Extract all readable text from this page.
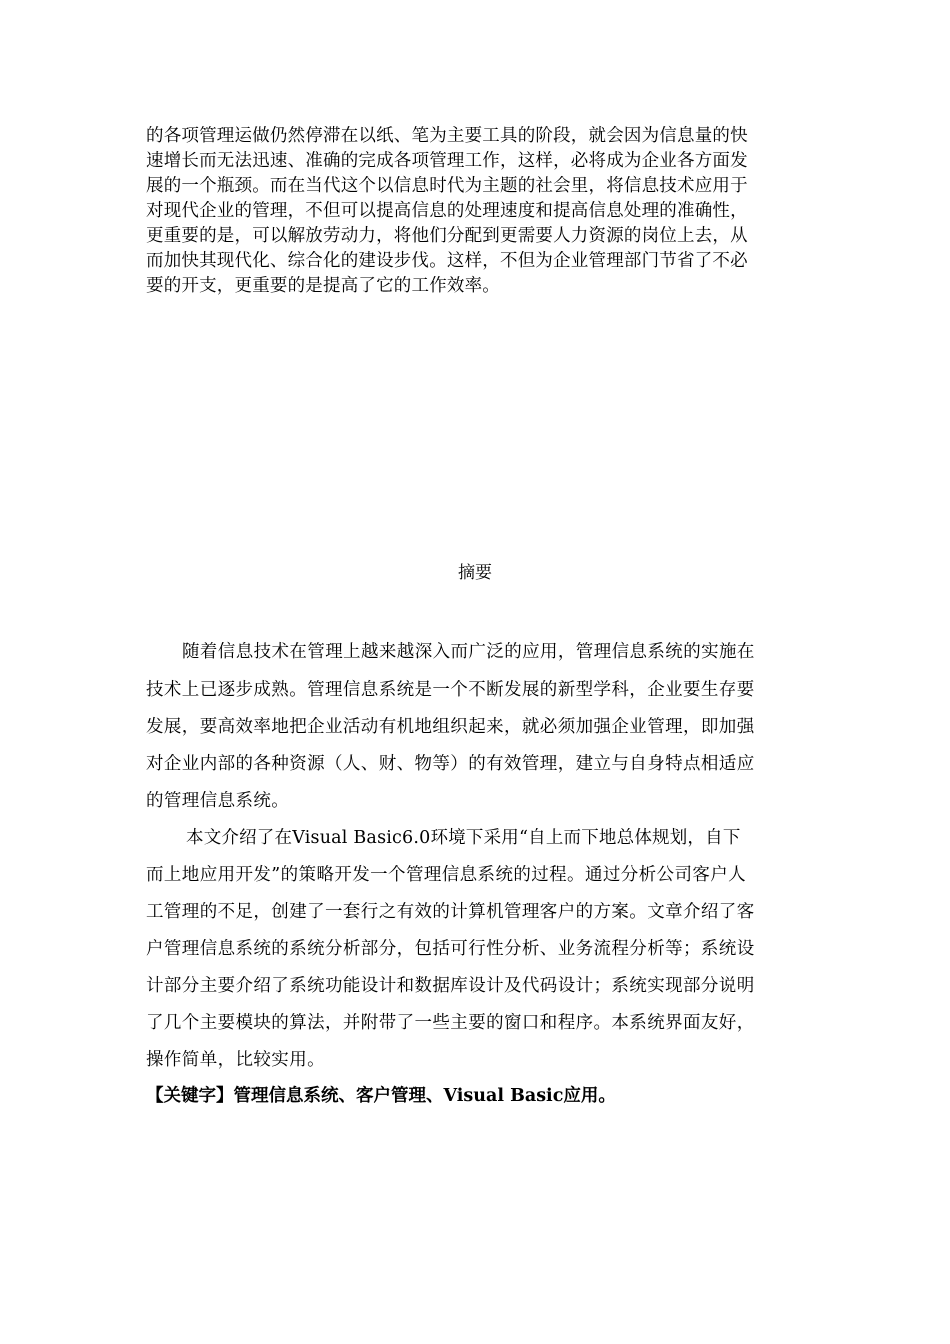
的各项管理运做仍然停滞在以纸、笔为主要工具的阶段，就会因为信息量的快
速增长而无法迅速、准确的完成各项管理工作，这样，必将成为企业各方面发
展的一个瓶颈。而在当代这个以信息时代为主题的社会里，将信息技术应用于
对现代企业的管理，不但可以提高信息的处理速度和提高信息处理的准确性，
更重要的是，可以解放劳动力，将他们分配到更需要人力资源的岗位上去，从
而加快其现代化、综合化的建设步伐。这样，不但为企业管理部门节省了不必
要的开支，更重要的是提高了它的工作效率。
摘要
随着信息技术在管理上越来越深入而广泛的应用，管理信息系统的实施在
技术上已逐步成熟。管理信息系统是一个不断发展的新型学科，企业要生存要
发展，要高效率地把企业活动有机地组织起来，就必须加强企业管理，即加强
对企业内部的各种资源（人、财、物等）的有效管理，建立与自身特点相适应
的管理信息系统。
本文介绍了在Visual Basic6.0环境下采用“自上而下地总体规划，自下
而上地应用开发”的策略开发一个管理信息系统的过程。通过分析公司客户人
工管理的不足，创建了一套行之有效的计算机管理客户的方案。文章介绍了客
户管理信息系统的系统分析部分，包括可行性分析、业务流程分析等；系统设
计部分主要介绍了系统功能设计和数据库设计及代码设计；系统实现部分说明
了几个主要模块的算法，并附带了一些主要的窗口和程序。本系统界面友好，
操作简单，比较实用。
【关键字】管理信息系统、客户管理、Visual Basic应用。
